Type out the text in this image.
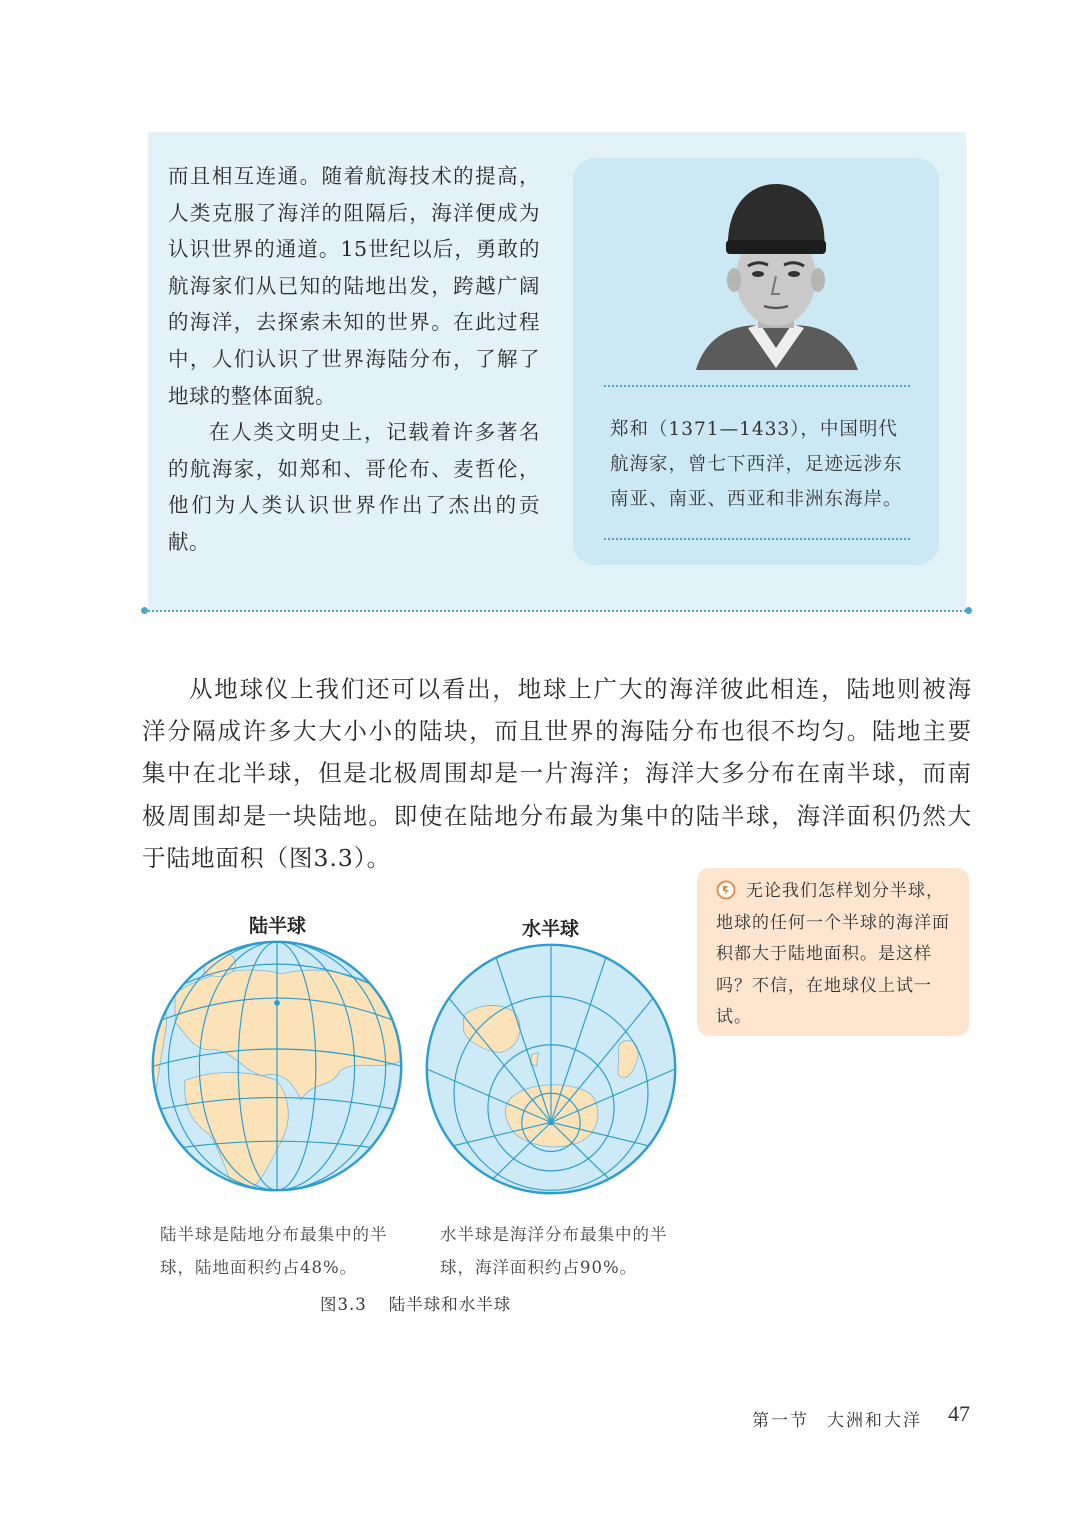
而且相互连通。随着航海技术的提高，人类克服了海洋的阻隔后，海洋便成为认识世界的通道。15世纪以后，勇敢的航海家们从已知的陆地出发，跨越广阔的海洋，去探索未知的世界。在此过程中，人们认识了世界海陆分布，了解了地球的整体面貌。

在人类文明史上，记载着许多著名的航海家，如郑和、哥伦布、麦哲伦，他们为人类认识世界作出了杰出的贡献。

郑和（1371—1433），中国明代航海家，曾七下西洋，足迹远涉东南亚、南亚、西亚和非洲东海岸。

从地球仪上我们还可以看出，地球上广大的海洋彼此相连，陆地则被海洋分隔成许多大大小小的陆块，而且世界的海陆分布也很不均匀。陆地主要集中在北半球，但是北极周围却是一片海洋；海洋大多分布在南半球，而南极周围却是一块陆地。即使在陆地分布最为集中的陆半球，海洋面积仍然大于陆地面积（图3.3）。

陆半球
陆半球是陆地分布最集中的半球，陆地面积约占48%。
水半球
水半球是海洋分布最集中的半球，海洋面积约占90%。
图3.3 陆半球和水半球
无论我们怎样划分半球，地球的任何一个半球的海洋面积都大于陆地面积。是这样吗？不信，在地球仪上试一试。
第一节 大洲和大洋 47
